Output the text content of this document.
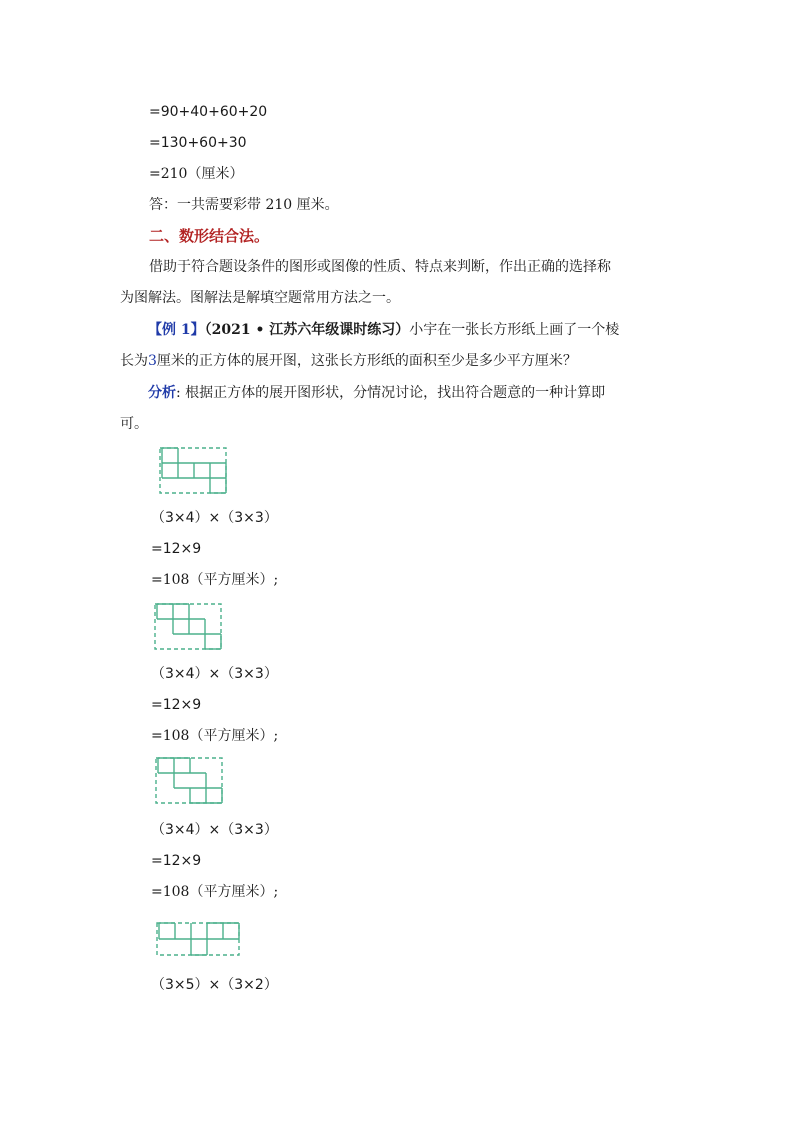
=90+40+60+20
=130+60+30
=210（厘米）
答：一共需要彩带 210 厘米。
二、数形结合法。
借助于符合题设条件的图形或图像的性质、特点来判断，作出正确的选择称
为图解法。图解法是解填空题常用方法之一。
【例 1】（2021 • 江苏六年级课时练习）小宇在一张长方形纸上画了一个棱
长为3厘米的正方体的展开图，这张长方形纸的面积至少是多少平方厘米？
分析: 根据正方体的展开图形状，分情况讨论，找出符合题意的一种计算即
可。
（3×4）×（3×3）
=12×9
=108（平方厘米）;
（3×4）×（3×3）
=12×9
=108（平方厘米）;
（3×4）×（3×3）
=12×9
=108（平方厘米）;
（3×5）×（3×2）
